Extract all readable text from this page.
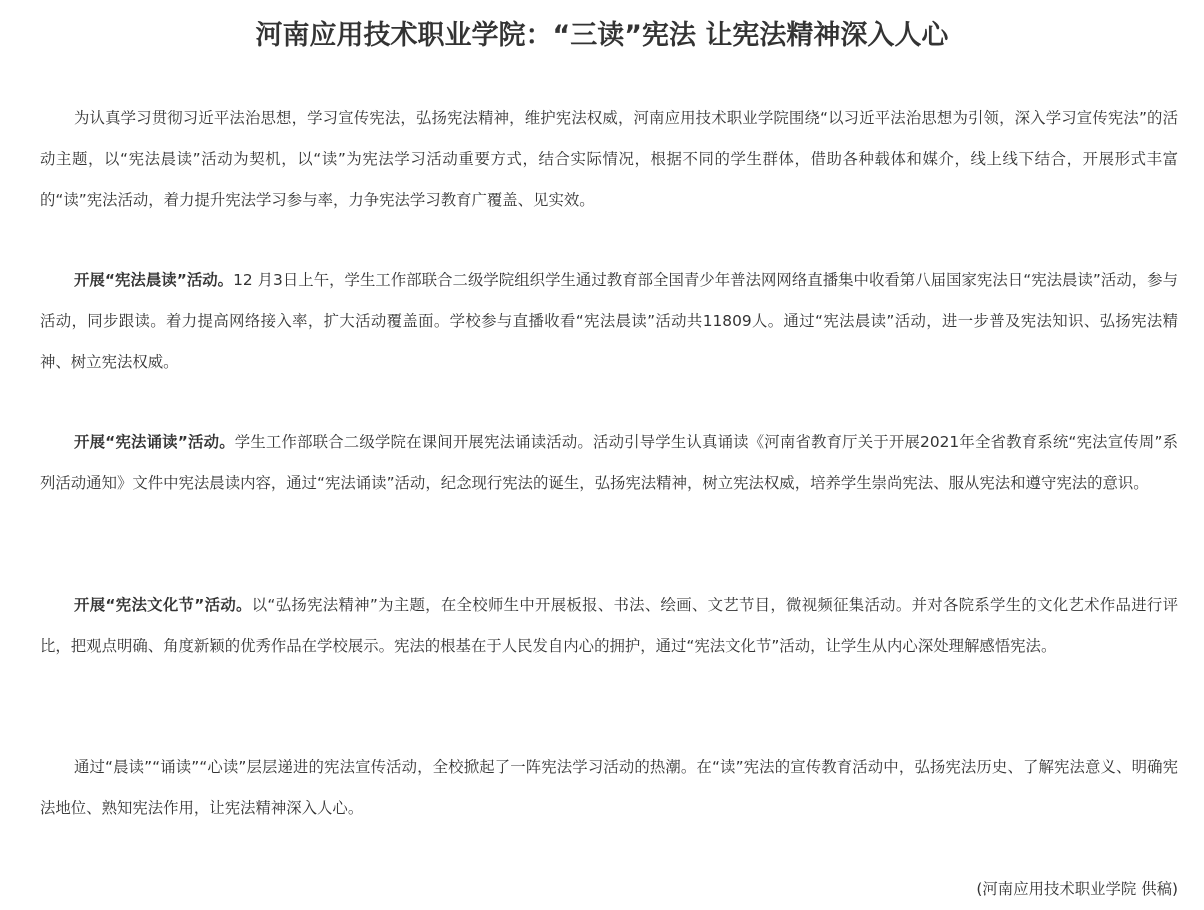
河南应用技术职业学院：“三读”宪法 让宪法精神深入人心

为认真学习贯彻习近平法治思想，学习宣传宪法，弘扬宪法精神，维护宪法权威，河南应用技术职业学院围绕“以习近平法治思想为引领，深入学习宣传宪法”的活动主题，以“宪法晨读”活动为契机，以“读”为宪法学习活动重要方式，结合实际情况，根据不同的学生群体，借助各种载体和媒介，线上线下结合，开展形式丰富的“读”宪法活动，着力提升宪法学习参与率，力争宪法学习教育广覆盖、见实效。

开展“宪法晨读”活动。12 月3日上午，学生工作部联合二级学院组织学生通过教育部全国青少年普法网网络直播集中收看第八届国家宪法日“宪法晨读”活动，参与活动，同步跟读。着力提高网络接入率，扩大活动覆盖面。学校参与直播收看“宪法晨读”活动共11809人。通过“宪法晨读”活动，进一步普及宪法知识、弘扬宪法精神、树立宪法权威。

开展“宪法诵读”活动。学生工作部联合二级学院在课间开展宪法诵读活动。活动引导学生认真诵读《河南省教育厅关于开展2021年全省教育系统“宪法宣传周”系列活动通知》文件中宪法晨读内容，通过“宪法诵读”活动，纪念现行宪法的诞生，弘扬宪法精神，树立宪法权威，培养学生崇尚宪法、服从宪法和遵守宪法的意识。

开展“宪法文化节”活动。以“弘扬宪法精神”为主题，在全校师生中开展板报、书法、绘画、文艺节目，微视频征集活动。并对各院系学生的文化艺术作品进行评比，把观点明确、角度新颖的优秀作品在学校展示。宪法的根基在于人民发自内心的拥护，通过“宪法文化节”活动，让学生从内心深处理解感悟宪法。

通过“晨读”“诵读”“心读”层层递进的宪法宣传活动，全校掀起了一阵宪法学习活动的热潮。在“读”宪法的宣传教育活动中，弘扬宪法历史、了解宪法意义、明确宪法地位、熟知宪法作用，让宪法精神深入人心。

(河南应用技术职业学院 供稿)
